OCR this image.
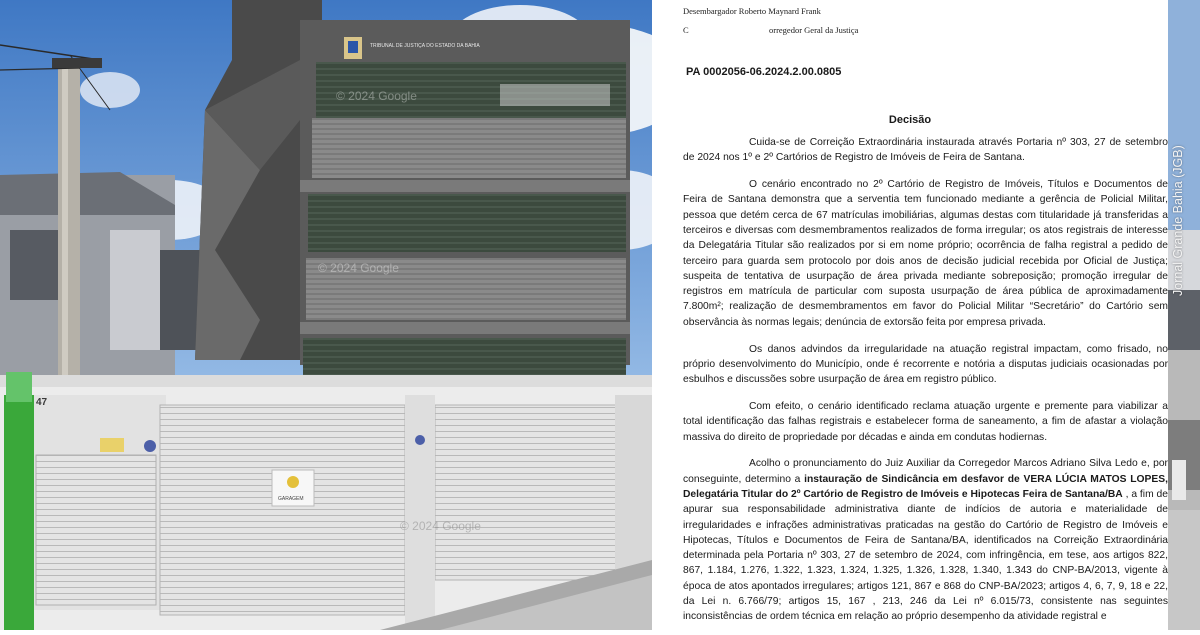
TRIBUNAL DE JUSTIÇA DO ESTADO DA BAHIA
47
GARAGEM
© 2024 Google
© 2024 Google
© 2024 Google
Desembargador Roberto Maynard Frank
C	orregedor Geral da Justiça
PA 0002056-06.2024.2.00.0805
Decisão

Cuida-se de Correição Extraordinária instaurada através Portaria nº 303, 27 de setembro de 2024 nos 1º e 2º Cartórios de Registro de Imóveis de Feira de Santana.

O cenário encontrado no 2º Cartório de Registro de Imóveis, Títulos e Documentos de Feira de Santana demonstra que a serventia tem funcionado mediante a gerência de Policial Militar, pessoa que detém cerca de 67 matrículas imobiliárias, algumas destas com titularidade já transferidas a terceiros e diversas com desmembramentos realizados de forma irregular; os atos registrais de interesse da Delegatária Titular são realizados por si em nome próprio; ocorrência de falha registral a pedido de terceiro para guarda sem protocolo por dois anos de decisão judicial recebida por Oficial de Justiça; suspeita de tentativa de usurpação de área privada mediante sobreposição; promoção irregular de registros em matrícula de particular com suposta usurpação de área pública de aproximadamente 7.800m²; realização de desmembramentos em favor do Policial Militar “Secretário” do Cartório sem observância às normas legais; denúncia de extorsão feita por empresa privada.

Os danos advindos da irregularidade na atuação registral impactam, como frisado, no próprio desenvolvimento do Município, onde é recorrente e notória a disputas judiciais ocasionadas por esbulhos e discussões sobre usurpação de área em registro público.

Com efeito, o cenário identificado reclama atuação urgente e premente para viabilizar a total identificação das falhas registrais e estabelecer forma de saneamento, a fim de afastar a violação massiva do direito de propriedade por décadas e ainda em condutas hodiernas.

Acolho o pronunciamento do Juiz Auxiliar da Corregedor Marcos Adriano Silva Ledo e, por conseguinte, determino a instauração de Sindicância em desfavor de VERA LÚCIA MATOS LOPES, Delegatária Titular do 2º Cartório de Registro de Imóveis e Hipotecas Feira de Santana/BA , a fim de apurar sua responsabilidade administrativa diante de indícios de autoria e materialidade de irregularidades e infrações administrativas praticadas na gestão do Cartório de Registro de Imóveis e Hipotecas, Títulos e Documentos de Feira de Santana/BA, identificados na Correição Extraordinária determinada pela Portaria nº 303, 27 de setembro de 2024, com infringência, em tese, aos artigos 822, 867, 1.184, 1.276, 1.322, 1.323, 1.324, 1.325, 1.326, 1.328, 1.340, 1.343 do CNP-BA/2013, vigente à época de atos apontados irregulares; artigos 121, 867 e 868 do CNP-BA/2023; artigos 4, 6, 7, 9, 18 e 22, da Lei n. 6.766/79; artigos 15, 167 , 213, 246 da Lei nº 6.015/73, consistente nas seguintes inconsistências de ordem técnica em relação ao próprio desempenho da atividade registral e

Jornal Grande Bahia (JGB)
